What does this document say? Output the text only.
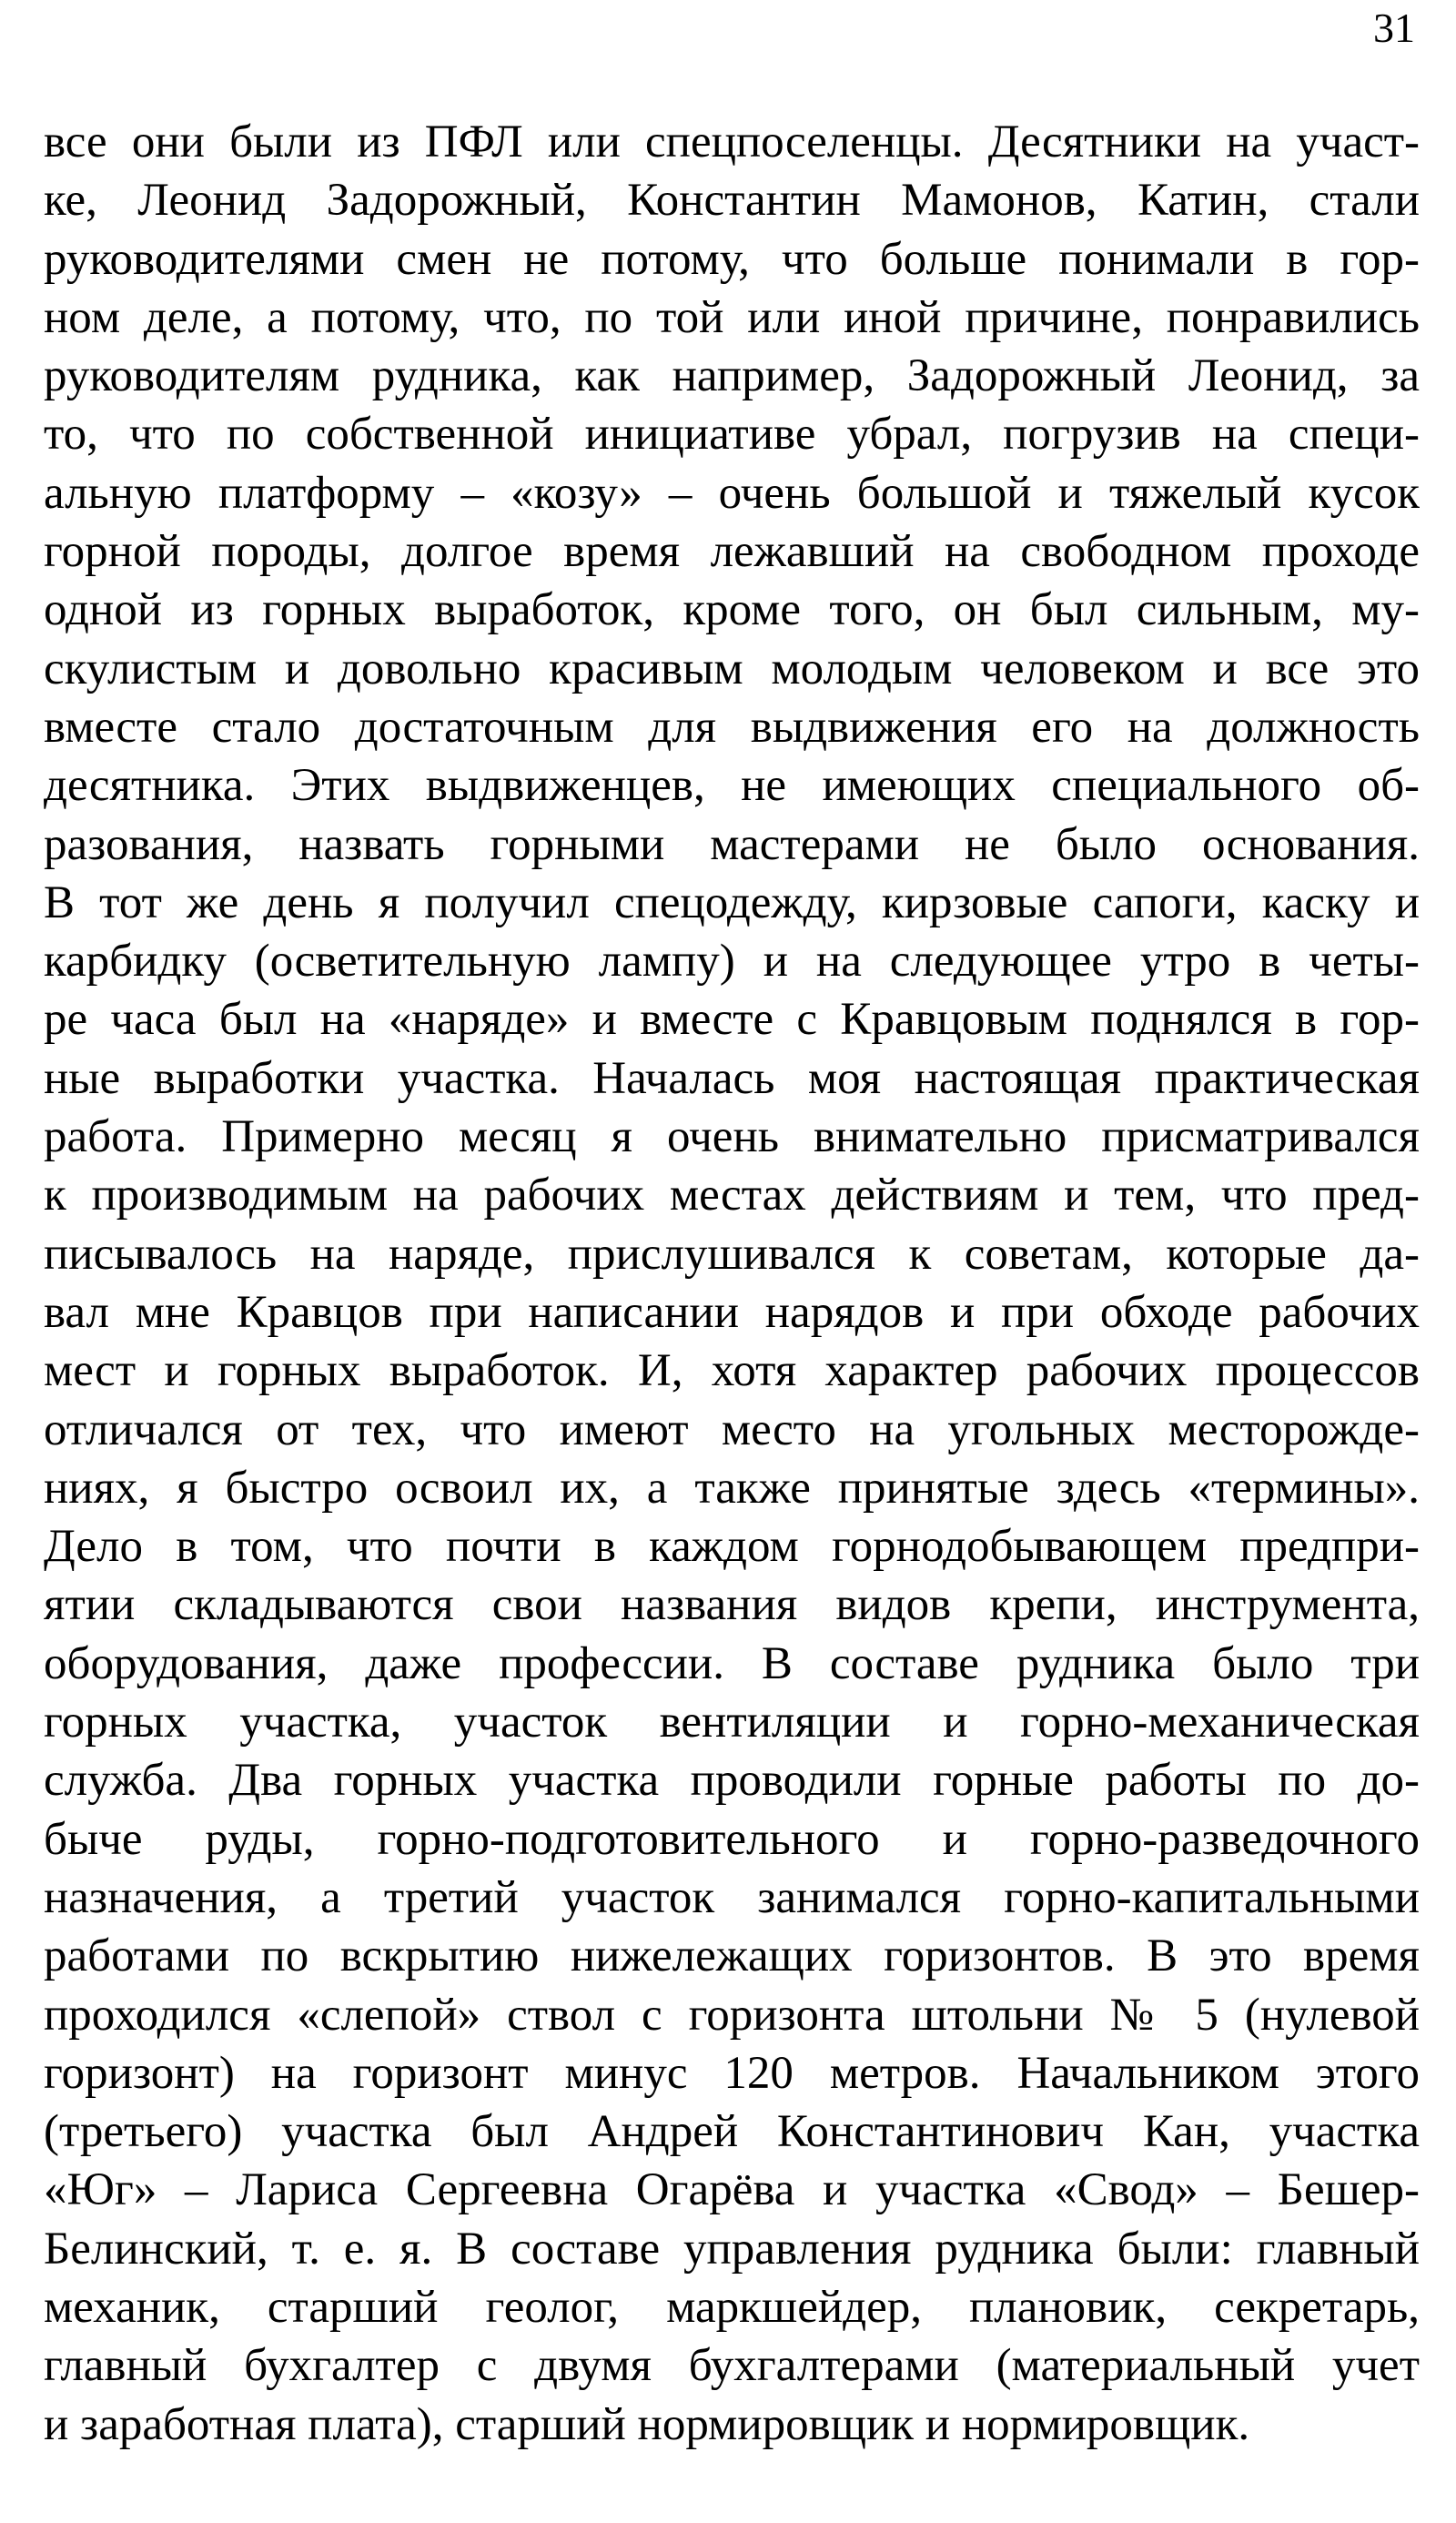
31
все они были из ПФЛ или спецпоселенцы. Десятники на участ-
ке, Леонид Задорожный, Константин Мамонов, Катин, стали
руководителями смен не потому, что больше понимали в гор-
ном деле, а потому, что, по той или иной причине, понравились
руководителям рудника, как например, Задорожный Леонид, за
то, что по собственной инициативе убрал, погрузив на специ-
альную платформу – «козу» – очень большой и тяжелый кусок
горной породы, долгое время лежавший на свободном проходе
одной из горных выработок, кроме того, он был сильным, му-
скулистым и довольно красивым молодым человеком и все это
вместе стало достаточным для выдвижения его на должность
десятника. Этих выдвиженцев, не имеющих специального об-
разования, назвать горными мастерами не было основания.
В тот же день я получил спецодежду, кирзовые сапоги, каску и
карбидку (осветительную лампу) и на следующее утро в четы-
ре часа был на «наряде» и вместе с Кравцовым поднялся в гор-
ные выработки участка. Началась моя настоящая практическая
работа. Примерно месяц я очень внимательно присматривался
к производимым на рабочих местах действиям и тем, что пред-
писывалось на наряде, прислушивался к советам, которые да-
вал мне Кравцов при написании нарядов и при обходе рабочих
мест и горных выработок. И, хотя характер рабочих процессов
отличался от тех, что имеют место на угольных месторожде-
ниях, я быстро освоил их, а также принятые здесь «термины».
Дело в том, что почти в каждом горнодобывающем предпри-
ятии складываются свои названия видов крепи, инструмента,
оборудования, даже профессии. В составе рудника было три
горных участка, участок вентиляции и горно-механическая
служба. Два горных участка проводили горные работы по до-
быче руды, горно-подготовительного и горно-разведочного
назначения, а третий участок занимался горно-капитальными
работами по вскрытию нижележащих горизонтов. В это время
проходился «слепой» ствол с горизонта штольни № 5 (нулевой
горизонт) на горизонт минус 120 метров. Начальником этого
(третьего) участка был Андрей Константинович Кан, участка
«Юг» – Лариса Сергеевна Огарёва и участка «Свод» – Бешер-
Белинский, т. е. я. В составе управления рудника были: главный
механик, старший геолог, маркшейдер, плановик, секретарь,
главный бухгалтер с двумя бухгалтерами (материальный учет
и заработная плата), старший нормировщик и нормировщик.
